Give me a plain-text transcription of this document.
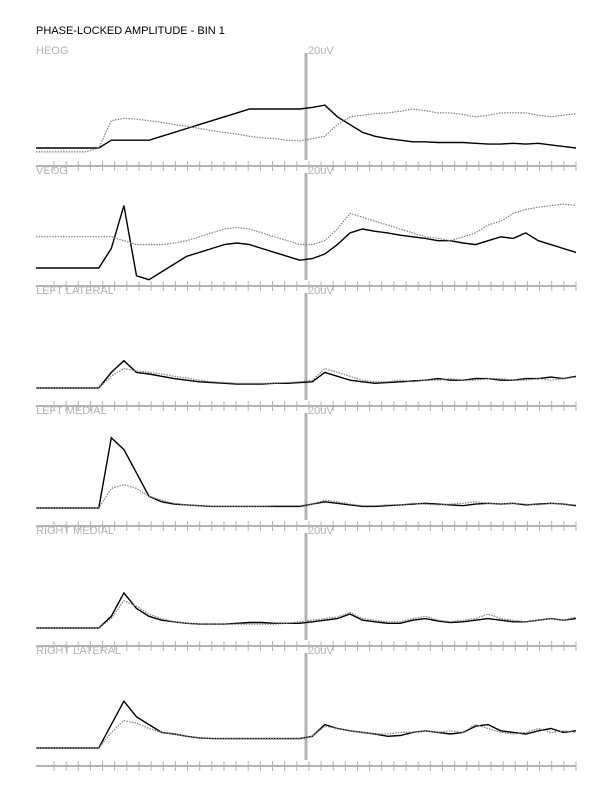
PHASE-LOCKED AMPLITUDE - BIN 1
HEOG	20uV
VEOG	20uV
LEFT LATERAL	20uV
LEFT MEDIAL	20uV
RIGHT MEDIAL	20uV
RIGHT LATERAL	20uV
